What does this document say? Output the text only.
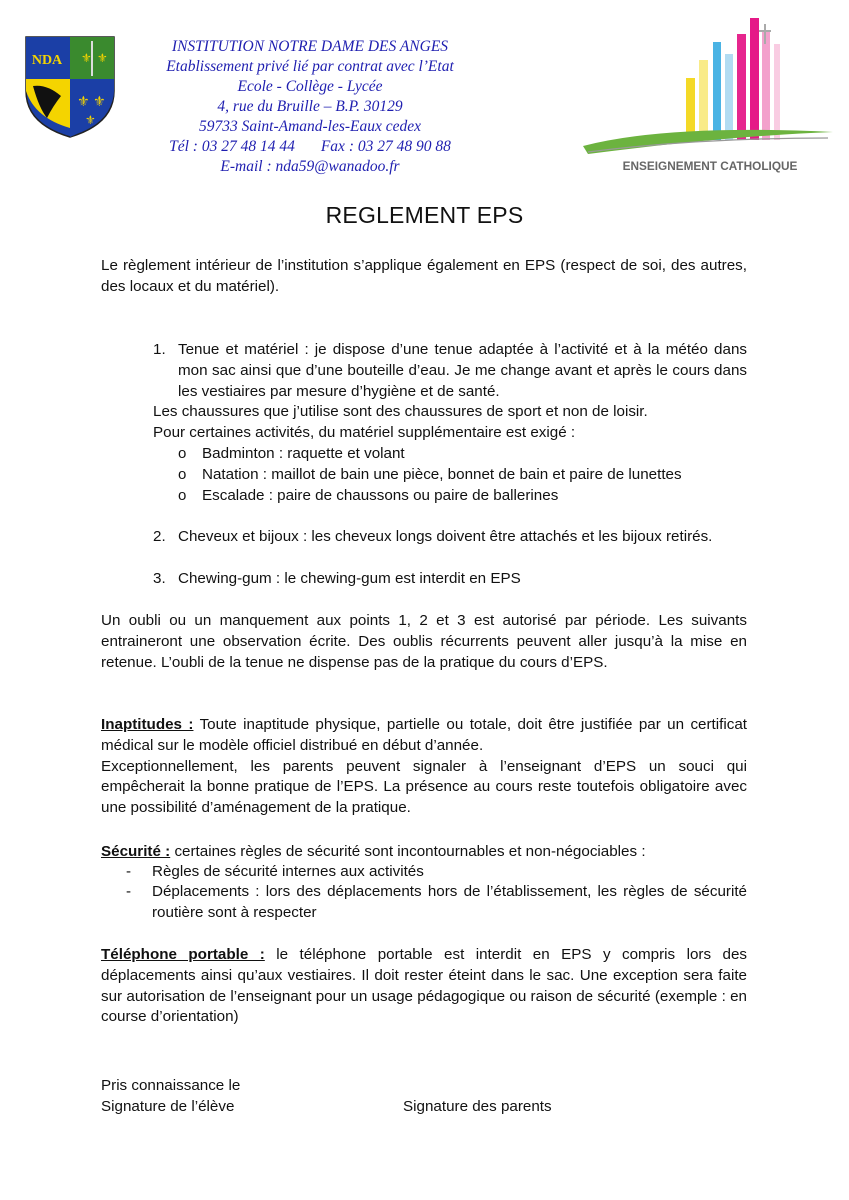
NDA ⚜ ⚜
⚜ ⚜
⚜
INSTITUTION NOTRE DAME DES ANGES
Etablissement privé lié par contrat avec l’Etat
Ecole - Collège - Lycée
4, rue du Bruille – B.P. 30129
59733 Saint-Amand-les-Eaux cedex
Tél : 03 27 48 14 44 Fax : 03 27 48 90 88
E-mail : nda59@wanadoo.fr	ENSEIGNEMENT CATHOLIQUE
REGLEMENT EPS
Le règlement intérieur de l’institution s’applique également en EPS (respect de soi, des autres, des locaux et du matériel).
1. Tenue et matériel : je dispose d’une tenue adaptée à l’activité et à la météo dans mon sac ainsi que d’une bouteille d’eau. Je me change avant et après le cours dans les vestiaires par mesure d’hygiène et de santé.
Les chaussures que j’utilise sont des chaussures de sport et non de loisir.
Pour certaines activités, du matériel supplémentaire est exigé :
o Badminton : raquette et volant
o Natation : maillot de bain une pièce, bonnet de bain et paire de lunettes
o Escalade : paire de chaussons ou paire de ballerines
2. Cheveux et bijoux : les cheveux longs doivent être attachés et les bijoux retirés.
3. Chewing-gum : le chewing-gum est interdit en EPS
Un oubli ou un manquement aux points 1, 2 et 3 est autorisé par période. Les suivants entraineront une observation écrite. Des oublis récurrents peuvent aller jusqu’à la mise en retenue. L’oubli de la tenue ne dispense pas de la pratique du cours d’EPS.
Inaptitudes : Toute inaptitude physique, partielle ou totale, doit être justifiée par un certificat médical sur le modèle officiel distribué en début d’année.
Exceptionnellement, les parents peuvent signaler à l’enseignant d’EPS un souci qui empêcherait la bonne pratique de l’EPS. La présence au cours reste toutefois obligatoire avec une possibilité d’aménagement de la pratique.
Sécurité : certaines règles de sécurité sont incontournables et non-négociables :
- Règles de sécurité internes aux activités
- Déplacements : lors des déplacements hors de l’établissement, les règles de sécurité routière sont à respecter
Téléphone portable : le téléphone portable est interdit en EPS y compris lors des déplacements ainsi qu’aux vestiaires. Il doit rester éteint dans le sac. Une exception sera faite sur autorisation de l’enseignant pour un usage pédagogique ou raison de sécurité (exemple : en course d’orientation)
Pris connaissance le
Signature de l’élève	Signature des parents
